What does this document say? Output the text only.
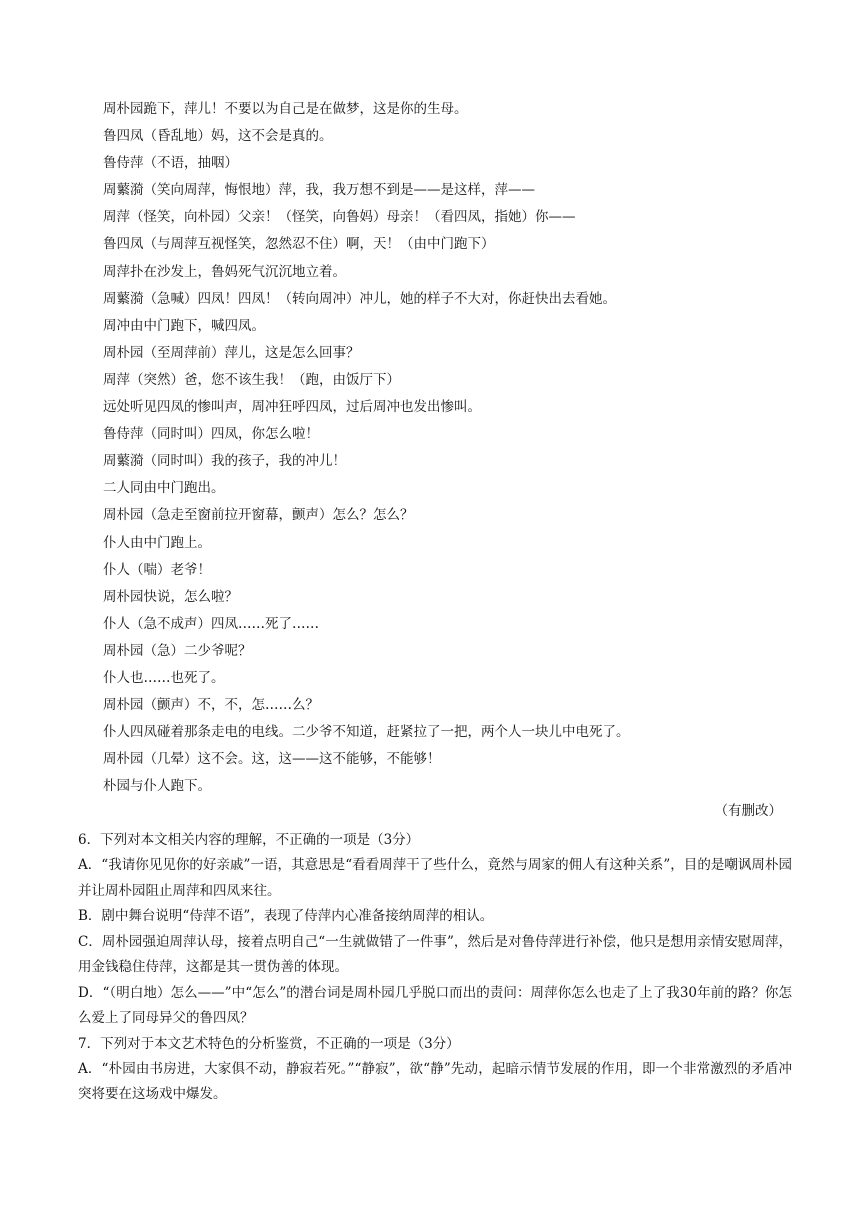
周朴园跪下，萍儿！不要以为自己是在做梦，这是你的生母。
鲁四凤（昏乱地）妈，这不会是真的。
鲁侍萍（不语，抽咽）
周蘩漪（笑向周萍，悔恨地）萍，我，我万想不到是——是这样，萍——
周萍（怪笑，向朴园）父亲！（怪笑，向鲁妈）母亲！（看四凤，指她）你——
鲁四凤（与周萍互视怪笑，忽然忍不住）啊，天！（由中门跑下）
周萍扑在沙发上，鲁妈死气沉沉地立着。
周蘩漪（急喊）四凤！四凤！（转向周冲）冲儿，她的样子不大对，你赶快出去看她。
周冲由中门跑下，喊四凤。
周朴园（至周萍前）萍儿，这是怎么回事？
周萍（突然）爸，您不该生我！（跑，由饭厅下）
远处听见四凤的惨叫声，周冲狂呼四凤，过后周冲也发出惨叫。
鲁侍萍（同时叫）四凤，你怎么啦！
周蘩漪（同时叫）我的孩子，我的冲儿！
二人同由中门跑出。
周朴园（急走至窗前拉开窗幕，颤声）怎么？怎么？
仆人由中门跑上。
仆人（喘）老爷！
周朴园快说，怎么啦？
仆人（急不成声）四凤……死了……
周朴园（急）二少爷呢？
仆人也……也死了。
周朴园（颤声）不，不，怎……么？
仆人四凤碰着那条走电的电线。二少爷不知道，赶紧拉了一把，两个人一块儿中电死了。
周朴园（几晕）这不会。这，这——这不能够，不能够！
朴园与仆人跑下。
（有删改）
6．下列对本文相关内容的理解，不正确的一项是（3分）
A．“我请你见见你的好亲戚”一语，其意思是“看看周萍干了些什么，竟然与周家的佣人有这种关系”，目的是嘲讽周朴园并让周朴园阻止周萍和四凤来往。
B．剧中舞台说明“侍萍不语”，表现了侍萍内心准备接纳周萍的相认。
C．周朴园强迫周萍认母，接着点明自己“一生就做错了一件事”，然后是对鲁侍萍进行补偿，他只是想用亲情安慰周萍，用金钱稳住侍萍，这都是其一贯伪善的体现。
D．“（明白地）怎么——”中“怎么”的潜台词是周朴园几乎脱口而出的责问：周萍你怎么也走了上了我30年前的路？你怎么爱上了同母异父的鲁四凤？
7．下列对于本文艺术特色的分析鉴赏，不正确的一项是（3分）
A．“朴园由书房进，大家俱不动，静寂若死。”“静寂”，欲“静”先动，起暗示情节发展的作用，即一个非常激烈的矛盾冲突将要在这场戏中爆发。
